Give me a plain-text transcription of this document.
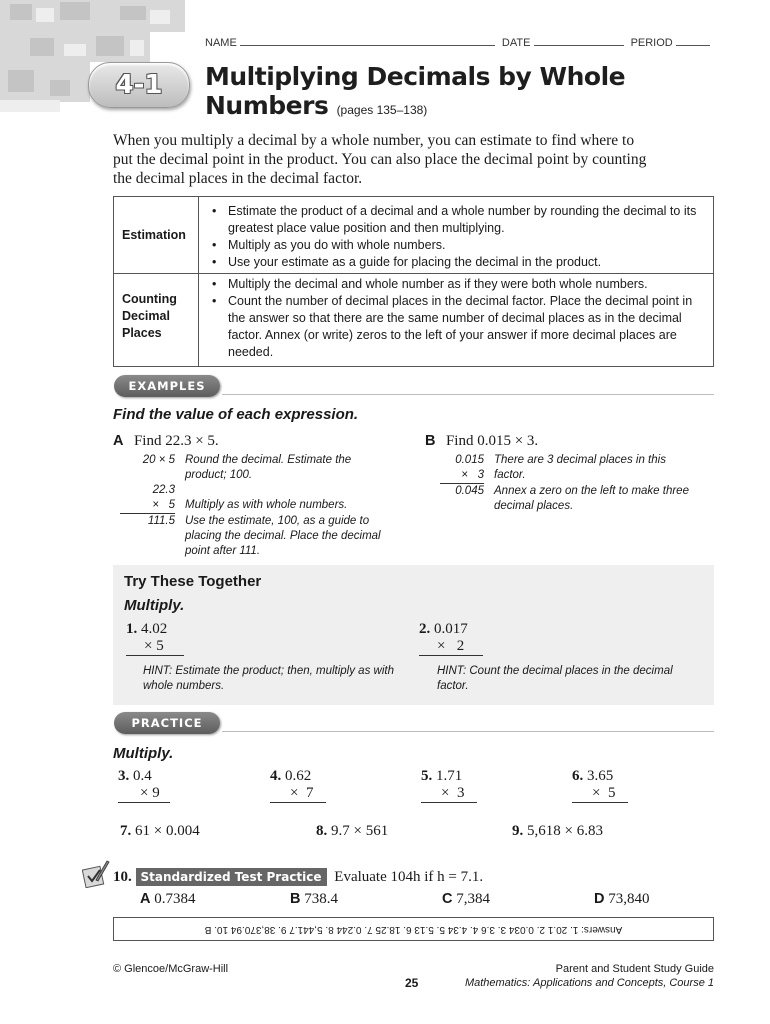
NAME	DATE	PERIOD
4-1	Multiplying Decimals by Whole
Numbers (pages 135–138)
When you multiply a decimal by a whole number, you can estimate to find where to put the decimal point in the product. You can also place the decimal point by counting the decimal places in the decimal factor.
Estimation
• Estimate the product of a decimal and a whole number by rounding the decimal to its greatest place value position and then multiplying.
• Multiply as you do with whole numbers.
• Use your estimate as a guide for placing the decimal in the product.
Counting
Decimal
Places
• Multiply the decimal and whole number as if they were both whole numbers.
• Count the number of decimal places in the decimal factor. Place the decimal point in the answer so that there are the same number of decimal places as in the decimal factor. Annex (or write) zeros to the left of your answer if more decimal places are needed.
EXAMPLES
Find the value of each expression.
A Find 22.3 × 5.
20 × 5 Round the decimal. Estimate the
product; 100.
22.3
×   5 Multiply as with whole numbers.
111.5 Use the estimate, 100, as a guide to
placing the decimal. Place the decimal
point after 111.
B Find 0.015 × 3.
0.015 There are 3 decimal places in this
×   3 factor.
0.045 Annex a zero on the left to make three
decimal places.
Try These Together
Multiply.
1. 4.02
× 5
HINT: Estimate the product; then, multiply as with whole numbers.
2. 0.017
×   2
HINT: Count the decimal places in the decimal factor.
PRACTICE
Multiply.
3. 0.4
× 9
4. 0.62
×  7
5. 1.71
×  3
6. 3.65
×  5
7. 61 × 0.004	8. 9.7 × 561	9. 5,618 × 6.83
10. Standardized Test Practice Evaluate 104h if h = 7.1.
A 0.7384	B 738.4	C 7,384	D 73,840
Answers: 1. 20.1 2. 0.034 3. 3.6 4. 4.34 5. 5.13 6. 18.25 7. 0.244 8. 5,441.7 9. 38,370.94 10. B
© Glencoe/McGraw-Hill
25
Parent and Student Study Guide
Mathematics: Applications and Concepts, Course 1
